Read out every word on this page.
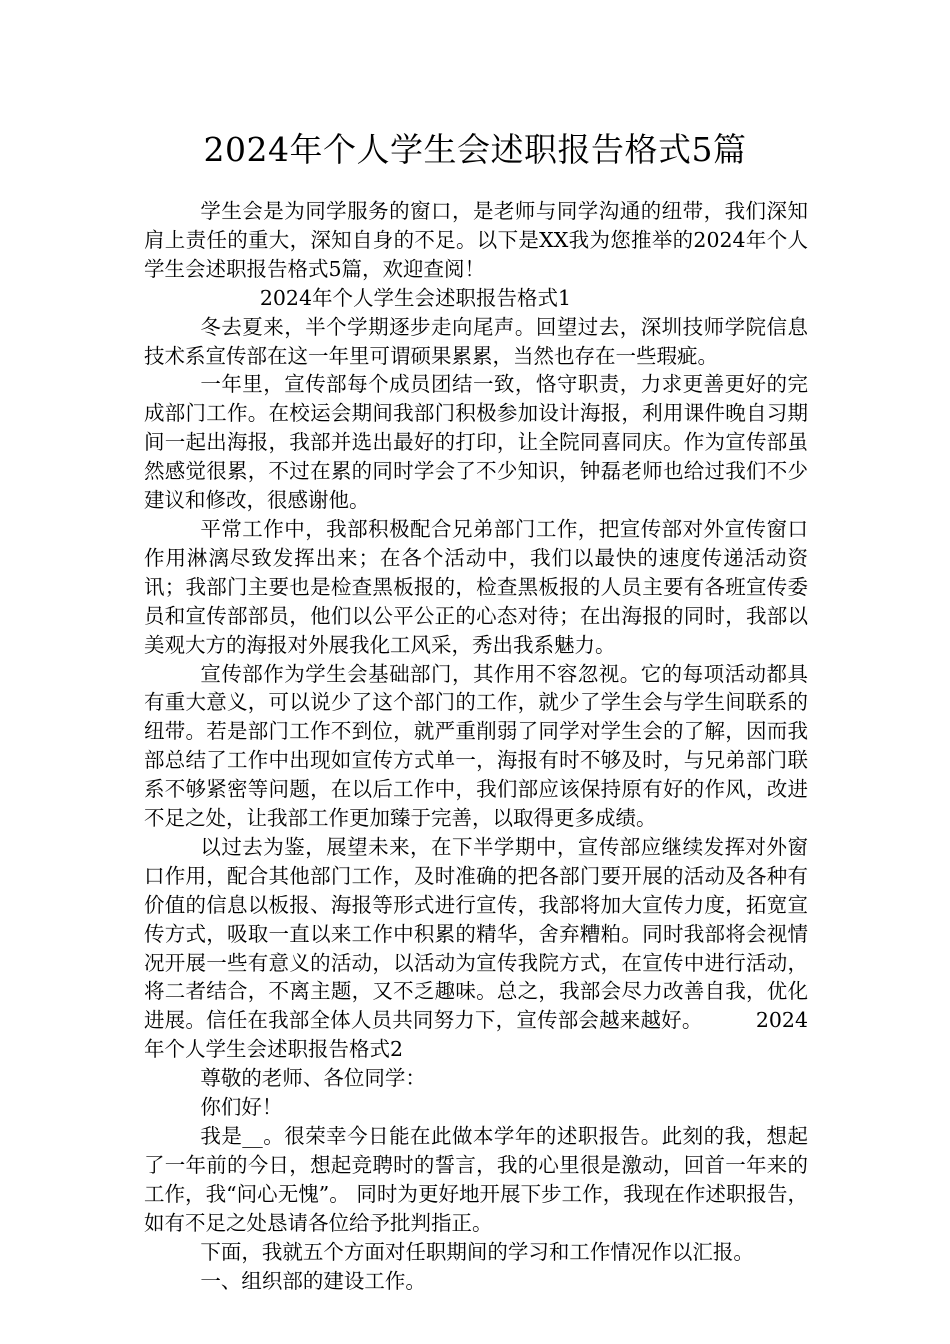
2024年个人学生会述职报告格式5篇

学生会是为同学服务的窗口，是老师与同学沟通的纽带，我们深知肩上责任的重大，深知自身的不足。以下是XX我为您推举的2024年个人学生会述职报告格式5篇，欢迎查阅！

2024年个人学生会述职报告格式1

冬去夏来，半个学期逐步走向尾声。回望过去，深圳技师学院信息技术系宣传部在这一年里可谓硕果累累，当然也存在一些瑕疵。

一年里，宣传部每个成员团结一致，恪守职责，力求更善更好的完成部门工作。在校运会期间我部门积极参加设计海报，利用课件晚自习期间一起出海报，我部并选出最好的打印，让全院同喜同庆。作为宣传部虽然感觉很累，不过在累的同时学会了不少知识，钟磊老师也给过我们不少建议和修改，很感谢他。

平常工作中，我部积极配合兄弟部门工作，把宣传部对外宣传窗口作用淋漓尽致发挥出来；在各个活动中，我们以最快的速度传递活动资讯；我部门主要也是检查黑板报的，检查黑板报的人员主要有各班宣传委员和宣传部部员，他们以公平公正的心态对待；在出海报的同时，我部以美观大方的海报对外展我化工风采，秀出我系魅力。

宣传部作为学生会基础部门，其作用不容忽视。它的每项活动都具有重大意义，可以说少了这个部门的工作，就少了学生会与学生间联系的纽带。若是部门工作不到位，就严重削弱了同学对学生会的了解，因而我部总结了工作中出现如宣传方式单一，海报有时不够及时，与兄弟部门联系不够紧密等问题，在以后工作中，我们部应该保持原有好的作风，改进不足之处，让我部工作更加臻于完善，以取得更多成绩。

以过去为鉴，展望未来，在下半学期中，宣传部应继续发挥对外窗口作用，配合其他部门工作，及时准确的把各部门要开展的活动及各种有价值的信息以板报、海报等形式进行宣传，我部将加大宣传力度，拓宽宣传方式，吸取一直以来工作中积累的精华，舍弃糟粕。同时我部将会视情况开展一些有意义的活动，以活动为宣传我院方式，在宣传中进行活动，将二者结合，不离主题，又不乏趣味。总之，我部会尽力改善自我，优化进展。信任在我部全体人员共同努力下，宣传部会越来越好。	2024年个人学生会述职报告格式2

尊敬的老师、各位同学：

你们好！

我是__。很荣幸今日能在此做本学年的述职报告。此刻的我，想起了一年前的今日，想起竞聘时的誓言，我的心里很是激动，回首一年来的工作，我“问心无愧”。 同时为更好地开展下步工作，我现在作述职报告，如有不足之处恳请各位给予批判指正。

下面，我就五个方面对任职期间的学习和工作情况作以汇报。

一、组织部的建设工作。
